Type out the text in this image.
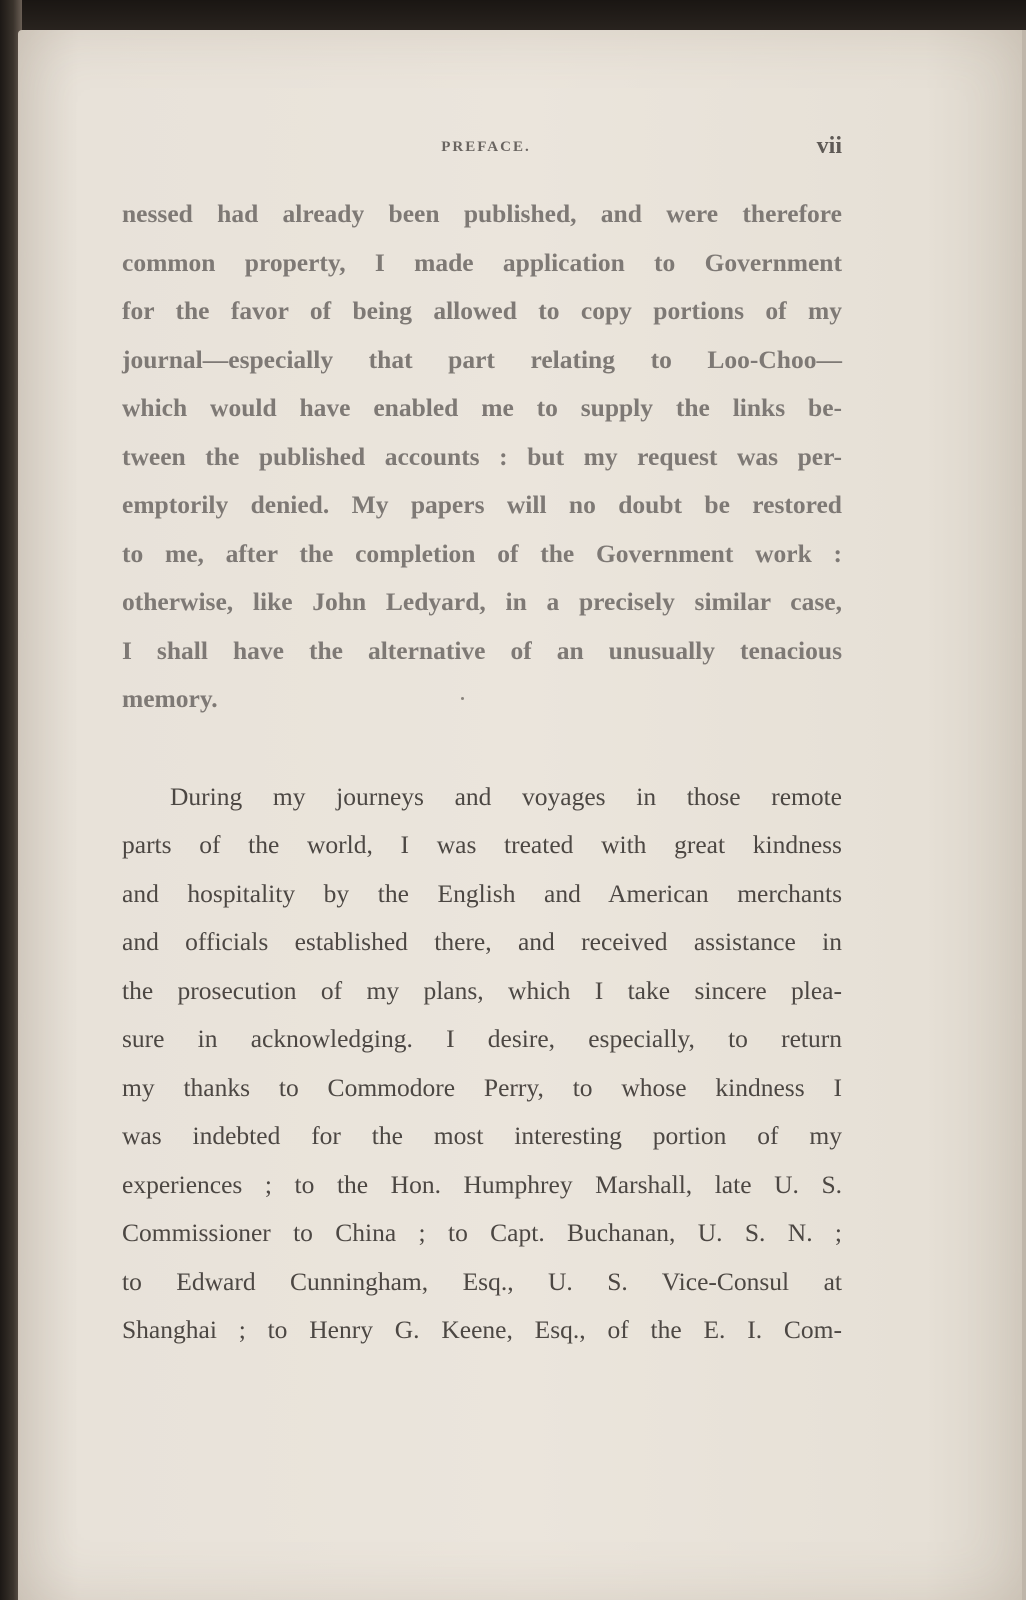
PREFACE.	vii
nessed had already been published, and were therefore
common property, I made application to Government
for the favor of being allowed to copy portions of my
journal—especially that part relating to Loo-Choo—
which would have enabled me to supply the links be-
tween the published accounts : but my request was per-
emptorily denied. My papers will no doubt be restored
to me, after the completion of the Government work :
otherwise, like John Ledyard, in a precisely similar case,
I shall have the alternative of an unusually tenacious
memory.
During my journeys and voyages in those remote
parts of the world, I was treated with great kindness
and hospitality by the English and American merchants
and officials established there, and received assistance in
the prosecution of my plans, which I take sincere plea-
sure in acknowledging. I desire, especially, to return
my thanks to Commodore Perry, to whose kindness I
was indebted for the most interesting portion of my
experiences ; to the Hon. Humphrey Marshall, late U. S.
Commissioner to China ; to Capt. Buchanan, U. S. N. ;
to Edward Cunningham, Esq., U. S. Vice-Consul at
Shanghai ; to Henry G. Keene, Esq., of the E. I. Com-
